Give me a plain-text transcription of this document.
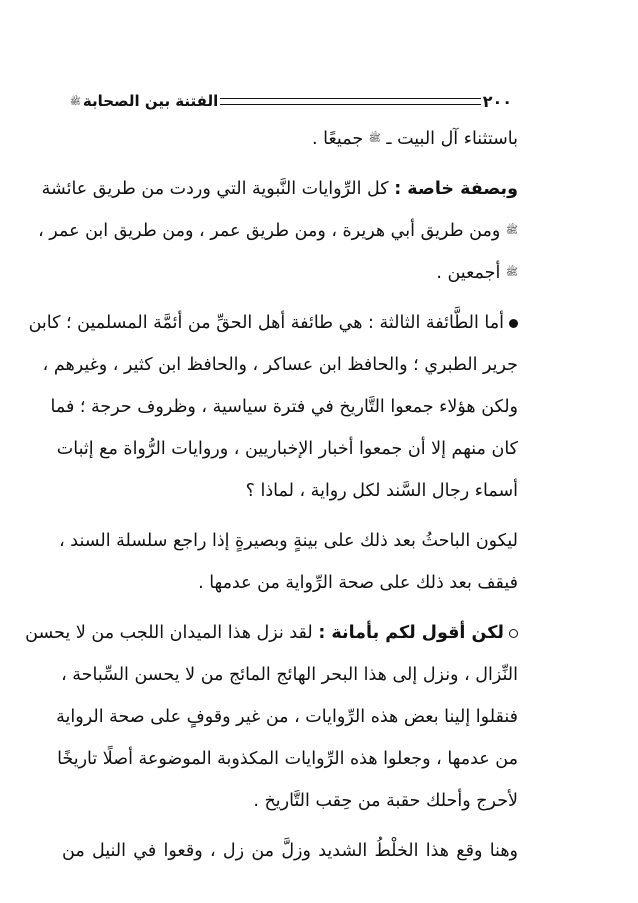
٢٠٠
الفتنة بين الصحابةﷺ
باستثناء آل البيت ـ ﷺ جميعًا .
وبصفة خاصة : كل الرِّوايات النَّبوية التي وردت من طريق عائشة
ﷺ ومن طريق أبي هريرة ، ومن طريق عمر ، ومن طريق ابن عمر ،
ﷺ أجمعين .
أما الطَّائفة الثالثة : هي طائفة أهل الحقِّ من أئمَّة المسلمين ؛ كابن
جرير الطبري ؛ والحافظ ابن عساكر ، والحافظ ابن كثير ، وغيرهم ،
ولكن هؤلاء جمعوا التَّاريخ في فترة سياسية ، وظروف حرجة ؛ فما
كان منهم إلا أن جمعوا أخبار الإخباريين ، وروايات الرُّواة مع إثبات
أسماء رجال السَّند لكل رواية ، لماذا ؟
ليكون الباحثُ بعد ذلك على بينةٍ وبصيرةٍ إذا راجع سلسلة السند ،
فيقف بعد ذلك على صحة الرِّواية من عدمها .
لكن أقول لكم بأمانة : لقد نزل هذا الميدان اللجب من لا يحسن
النِّزال ، ونزل إلى هذا البحر الهائج المائج من لا يحسن السِّباحة ،
فنقلوا إلينا بعض هذه الرِّوايات ، من غير وقوفٍ على صحة الرواية
من عدمها ، وجعلوا هذه الرِّوايات المكذوبة الموضوعة أصلًا تاريخًا
لأحرج وأحلك حقبة من حِقب التَّاريخ .
وهنا وقع هذا الخلْطُ الشديد وزلَّ من زل ، وقعوا في النيل من
